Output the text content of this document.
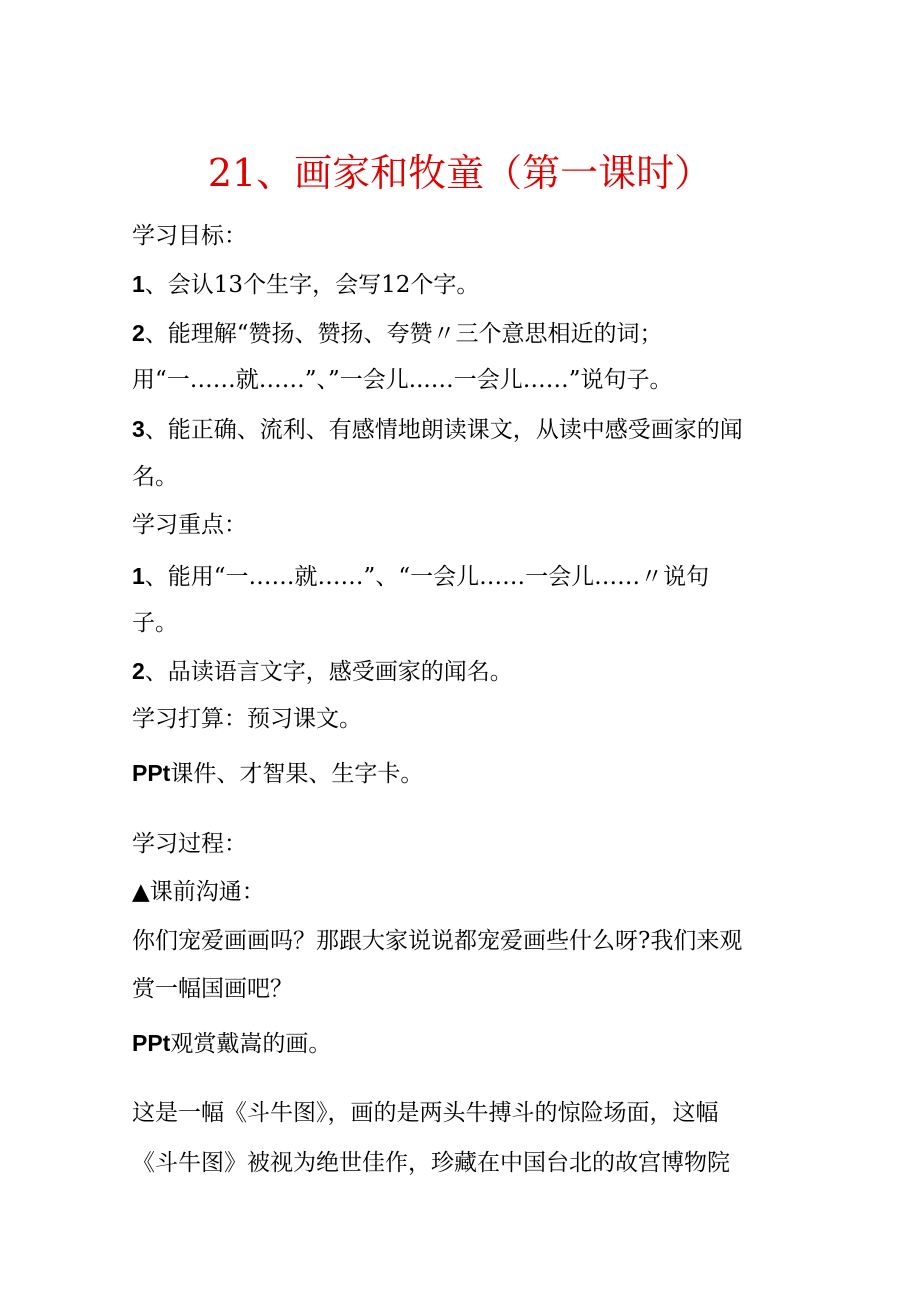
21、画家和牧童（第一课时）
学习目标：
1、会认13个生字，会写12个字。
2、能理解“赞扬、赞扬、夸赞〃三个意思相近的词；
用“一……就……”、”一会儿...…一会儿……”说句子。
3、能正确、流利、有感情地朗读课文，从读中感受画家的闻
名。
学习重点：
1、能用“一……就……”、“一会儿……一会儿……〃说句
子。
2、品读语言文字，感受画家的闻名。
学习打算：预习课文。
PPt课件、才智果、生字卡。
学习过程：
▲课前沟通：
你们宠爱画画吗？那跟大家说说都宠爱画些什么呀?我们来观
赏一幅国画吧？
PPt观赏戴嵩的画。
这是一幅《斗牛图》，画的是两头牛搏斗的惊险场面，这幅
《斗牛图》被视为绝世佳作，珍藏在中国台北的故宫博物院
